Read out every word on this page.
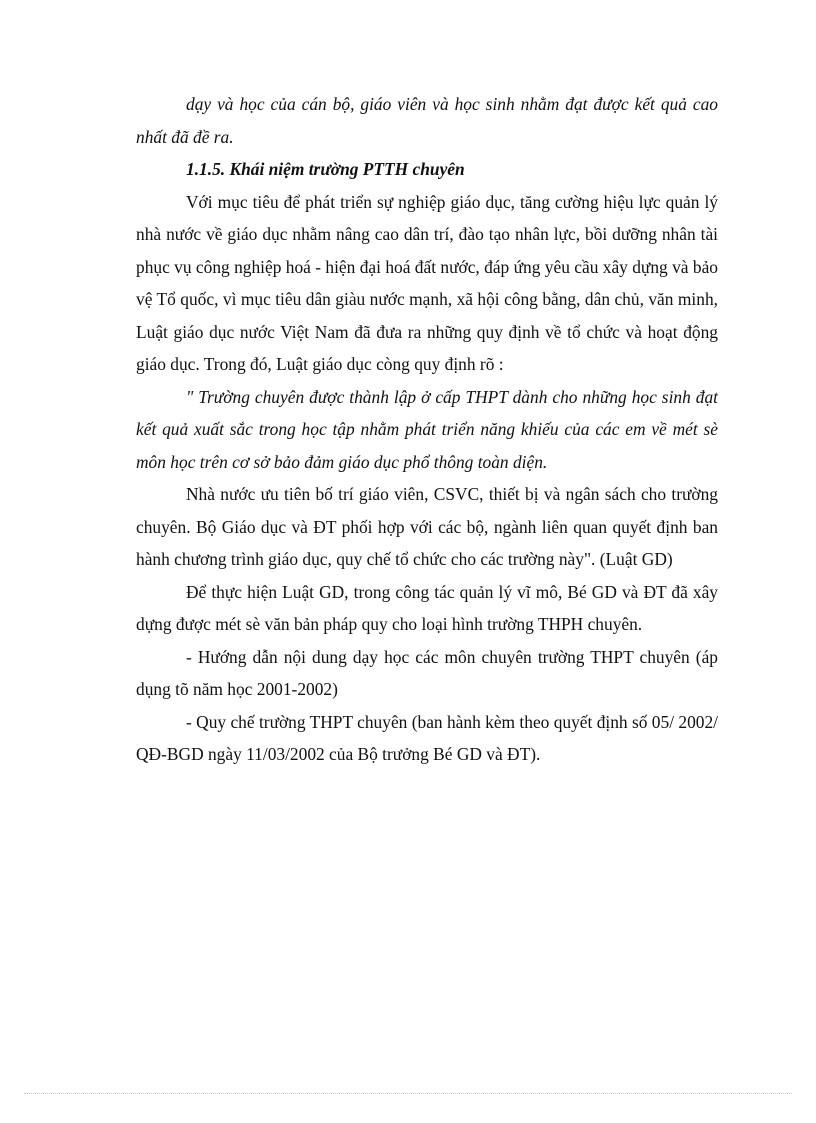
dạy và học của cán bộ, giáo viên và học sinh nhằm đạt được kết quả cao nhất đã đề ra.

1.1.5. Khái niệm trường PTTH chuyên

Với mục tiêu để phát triển sự nghiệp giáo dục, tăng cường hiệu lực quản lý nhà nước về giáo dục nhằm nâng cao dân trí, đào tạo nhân lực, bồi dưỡng nhân tài phục vụ công nghiệp hoá - hiện đại hoá đất nước, đáp ứng yêu cầu xây dựng và bảo vệ Tổ quốc, vì mục tiêu dân giàu nước mạnh, xã hội công bằng, dân chủ, văn minh, Luật giáo dục nước Việt Nam đã đưa ra những quy định về tổ chức và hoạt động giáo dục. Trong đó, Luật giáo dục còng quy định rõ :

" Trường chuyên được thành lập ở cấp THPT dành cho những học sinh đạt kết quả xuất sắc trong học tập nhằm phát triển năng khiếu của các em về mét sè môn học trên cơ sở bảo đảm giáo dục phổ thông toàn diện.

Nhà nước ưu tiên bố trí giáo viên, CSVC, thiết bị và ngân sách cho trường chuyên. Bộ Giáo dục và ĐT phối hợp với các bộ, ngành liên quan quyết định ban hành chương trình giáo dục, quy chế tổ chức cho các trường này". (Luật GD)

Để thực hiện Luật GD, trong công tác quản lý vĩ mô, Bé GD và ĐT đã xây dựng được mét sè văn bản pháp quy cho loại hình trường THPH chuyên.

- Hướng dẫn nội dung dạy học các môn chuyên trường THPT chuyên (áp dụng tõ năm học 2001-2002)

- Quy chế trường THPT chuyên (ban hành kèm theo quyết định số 05/ 2002/ QĐ-BGD ngày 11/03/2002 của Bộ trưởng Bé GD và ĐT).
